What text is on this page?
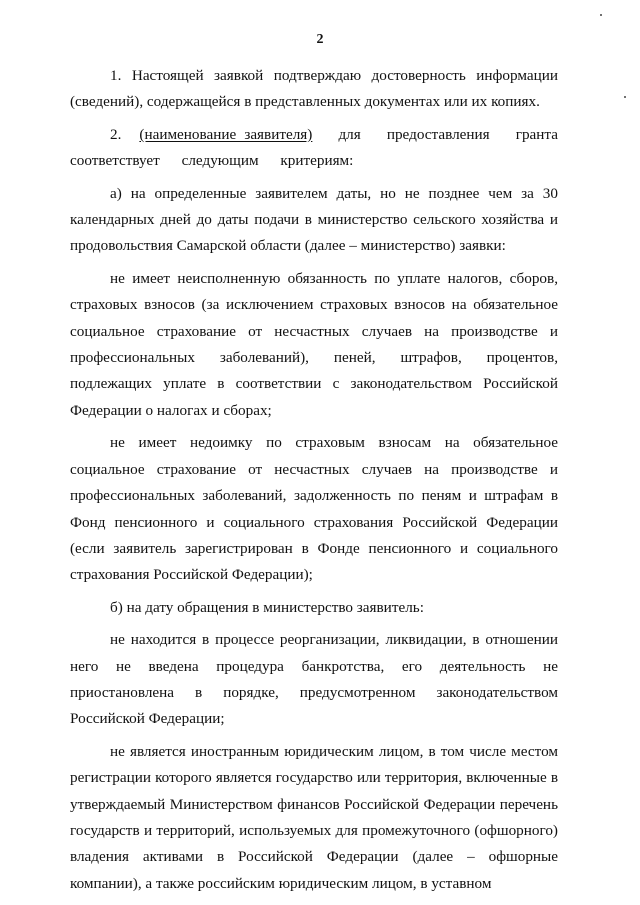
2

1. Настоящей заявкой подтверждаю достоверность информации (сведений), содержащейся в представленных документах или их копиях.

2. (наименование заявителя) для предоставления гранта соответствует следующим критериям:

а) на определенные заявителем даты, но не позднее чем за 30 календарных дней до даты подачи в министерство сельского хозяйства и продовольствия Самарской области (далее – министерство) заявки:

не имеет неисполненную обязанность по уплате налогов, сборов, страховых взносов (за исключением страховых взносов на обязательное социальное страхование от несчастных случаев на производстве и профессиональных заболеваний), пеней, штрафов, процентов, подлежащих уплате в соответствии с законодательством Российской Федерации о налогах и сборах;

не имеет недоимку по страховым взносам на обязательное социальное страхование от несчастных случаев на производстве и профессиональных заболеваний, задолженность по пеням и штрафам в Фонд пенсионного и социального страхования Российской Федерации (если заявитель зарегистрирован в Фонде пенсионного и социального страхования Российской Федерации);

б) на дату обращения в министерство заявитель:

не находится в процессе реорганизации, ликвидации, в отношении него не введена процедура банкротства, его деятельность не приостановлена в порядке, предусмотренном законодательством Российской Федерации;

не является иностранным юридическим лицом, в том числе местом регистрации которого является государство или территория, включенные в утверждаемый Министерством финансов Российской Федерации перечень государств и территорий, используемых для промежуточного (офшорного) владения активами в Российской Федерации (далее – офшорные компании), а также российским юридическим лицом, в уставном
